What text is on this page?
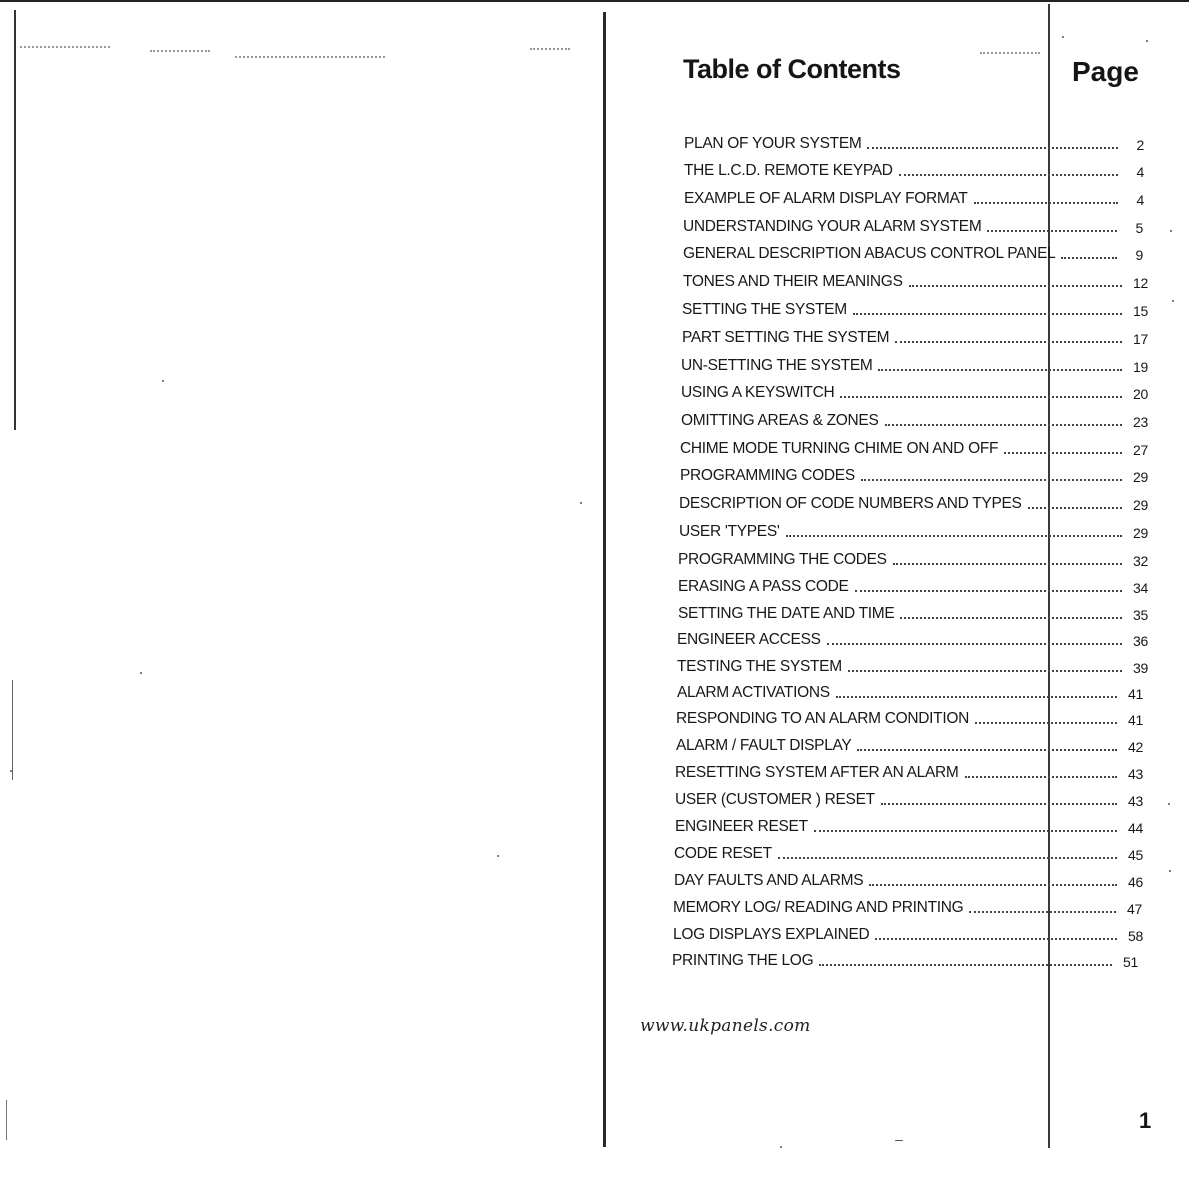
Table of Contents	Page
PLAN OF YOUR SYSTEM	2
THE L.C.D. REMOTE KEYPAD	4
EXAMPLE OF ALARM DISPLAY FORMAT	4
UNDERSTANDING YOUR ALARM SYSTEM	5
GENERAL DESCRIPTION ABACUS CONTROL PANEL	9
TONES AND THEIR MEANINGS	12
SETTING THE SYSTEM	15
PART SETTING THE SYSTEM	17
UN-SETTING THE SYSTEM	19
USING A KEYSWITCH	20
OMITTING AREAS & ZONES	23
CHIME MODE TURNING CHIME ON AND OFF	27
PROGRAMMING CODES	29
DESCRIPTION OF CODE NUMBERS AND TYPES	29
USER 'TYPES'	29
PROGRAMMING THE CODES	32
ERASING A PASS CODE	34
SETTING THE DATE AND TIME	35
ENGINEER ACCESS	36
TESTING THE SYSTEM	39
ALARM ACTIVATIONS	41
RESPONDING TO AN ALARM CONDITION	41
ALARM / FAULT DISPLAY	42
RESETTING SYSTEM AFTER AN ALARM	43
USER (CUSTOMER ) RESET	43
ENGINEER RESET	44
CODE RESET	45
DAY FAULTS AND ALARMS	46
MEMORY LOG/ READING AND PRINTING	47
LOG DISPLAYS EXPLAINED	58
PRINTING THE LOG	51
www.ukpanels.com
1
